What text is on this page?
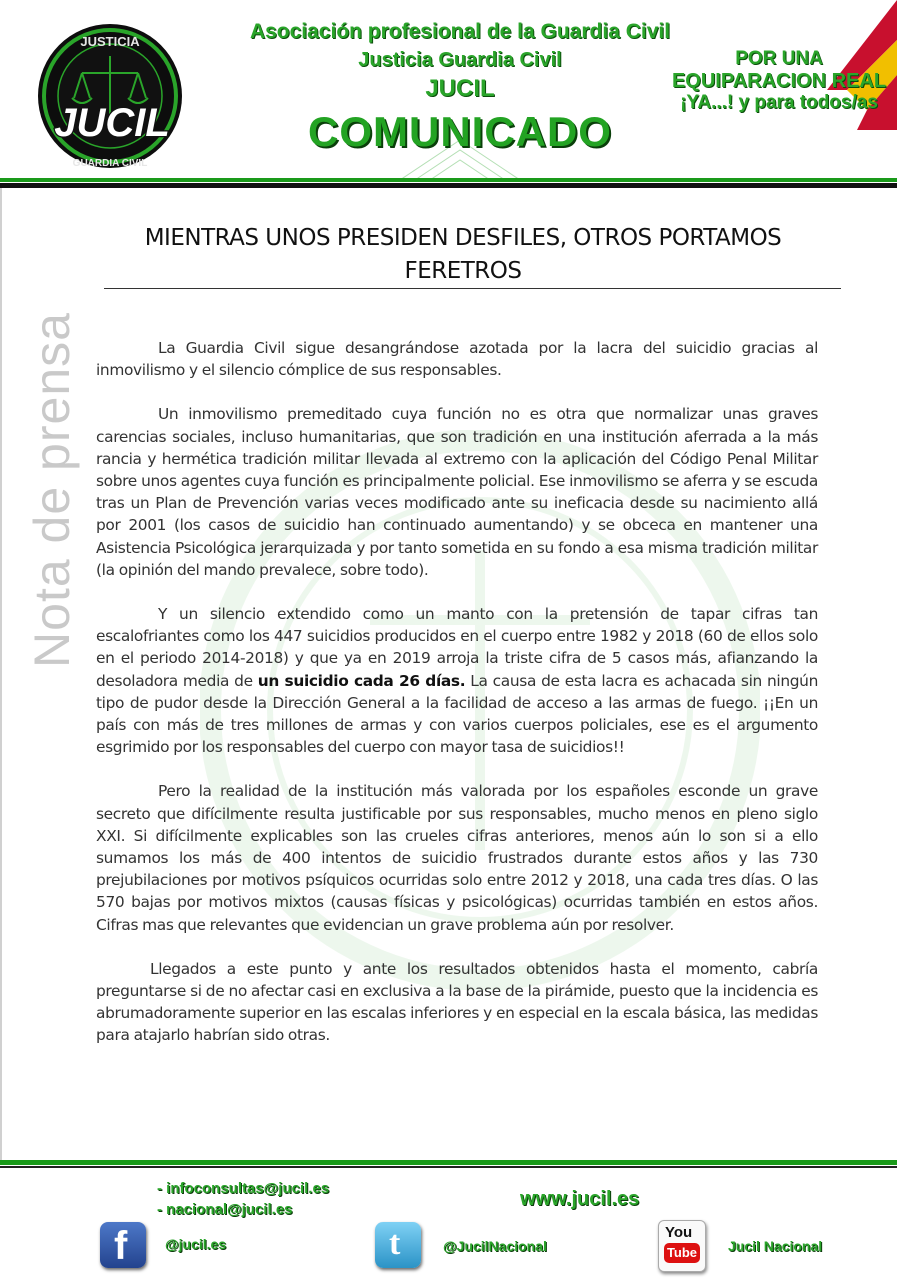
JUSTICIA
JUCIL
GUARDIA CIVIL
Asociación profesional de la Guardia Civil
Justicia Guardia Civil
JUCIL
COMUNICADO
POR UNA
EQUIPARACION REAL
¡YA...! y para todos/as
Nota de prensa
MIENTRAS UNOS PRESIDEN DESFILES, OTROS PORTAMOS
FERETROS

La Guardia Civil sigue desangrándose azotada por la lacra del suicidio gracias al inmovilismo y el silencio cómplice de sus responsables.

Un inmovilismo premeditado cuya función no es otra que normalizar unas graves carencias sociales, incluso humanitarias, que son tradición en una institución aferrada a la más rancia y hermética tradición militar llevada al extremo con la aplicación del Código Penal Militar sobre unos agentes cuya función es principalmente policial. Ese inmovilismo se aferra y se escuda tras un Plan de Prevención varias veces modificado ante su ineficacia desde su nacimiento allá por 2001 (los casos de suicidio han continuado aumentando) y se obceca en mantener una Asistencia Psicológica jerarquizada y por tanto sometida en su fondo a esa misma tradición militar (la opinión del mando prevalece, sobre todo).

Y un silencio extendido como un manto con la pretensión de tapar cifras tan escalofriantes como los 447 suicidios producidos en el cuerpo entre 1982 y 2018 (60 de ellos solo en el periodo 2014-2018) y que ya en 2019 arroja la triste cifra de 5 casos más, afianzando la desoladora media de un suicidio cada 26 días. La causa de esta lacra es achacada sin ningún tipo de pudor desde la Dirección General a la facilidad de acceso a las armas de fuego. ¡¡En un país con más de tres millones de armas y con varios cuerpos policiales, ese es el argumento esgrimido por los responsables del cuerpo con mayor tasa de suicidios!!

Pero la realidad de la institución más valorada por los españoles esconde un grave secreto que difícilmente resulta justificable por sus responsables, mucho menos en pleno siglo XXI. Si difícilmente explicables son las crueles cifras anteriores, menos aún lo son si a ello sumamos los más de 400 intentos de suicidio frustrados durante estos años y las 730 prejubilaciones por motivos psíquicos ocurridas solo entre 2012 y 2018, una cada tres días. O las 570 bajas por motivos mixtos (causas físicas y psicológicas) ocurridas también en estos años. Cifras mas que relevantes que evidencian un grave problema aún por resolver.

Llegados a este punto y ante los resultados obtenidos hasta el momento, cabría preguntarse si de no afectar casi en exclusiva a la base de la pirámide, puesto que la incidencia es abrumadoramente superior en las escalas inferiores y en especial en la escala básica, las medidas para atajarlo habrían sido otras.

- infoconsultas@jucil.es
- nacional@jucil.es	www.jucil.es
f	@jucil.es	t	@JucilNacional
You
Tube Jucil Nacional
